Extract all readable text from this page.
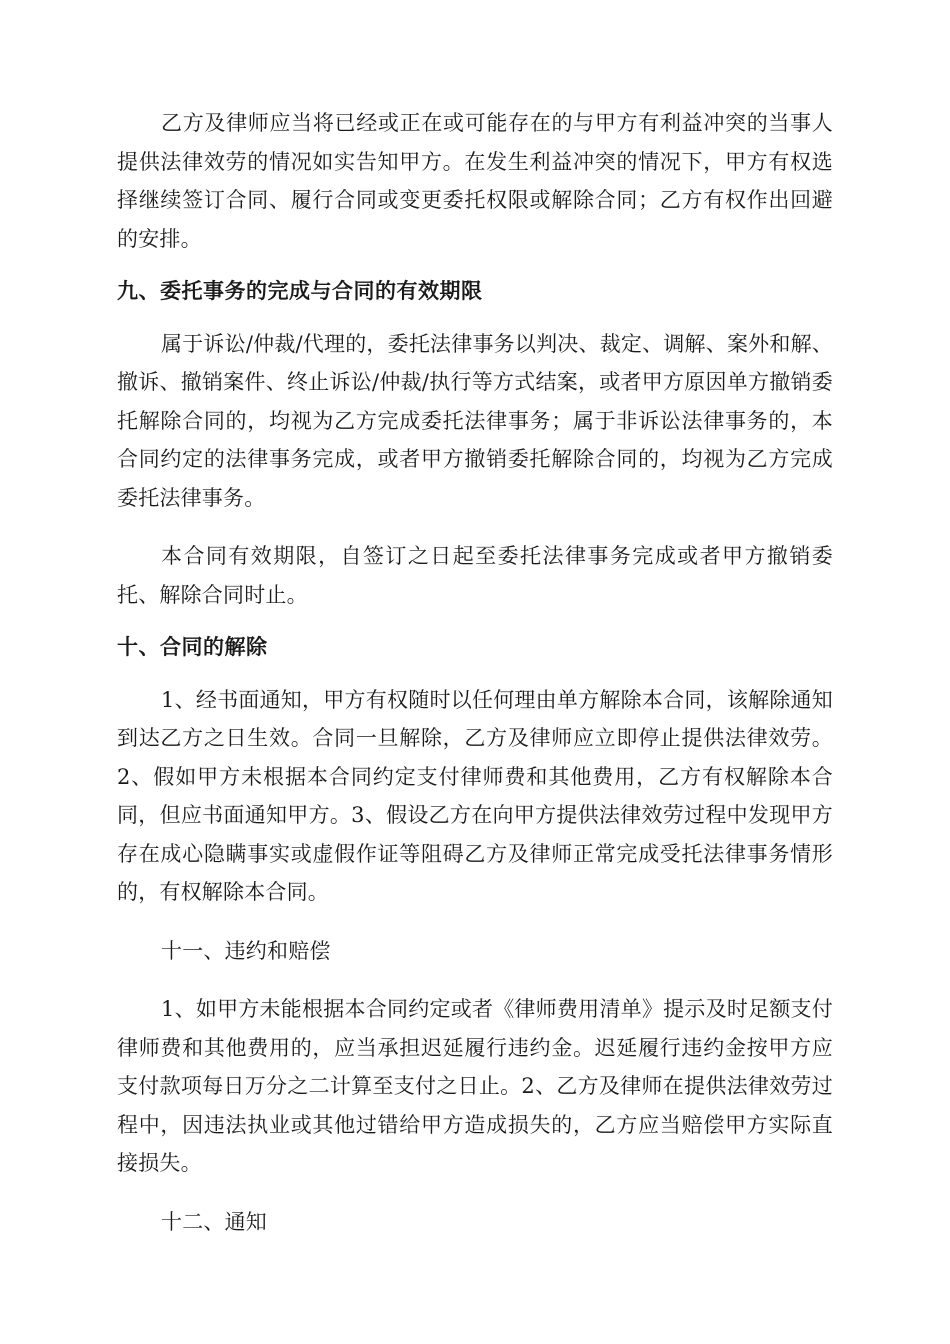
乙方及律师应当将已经或正在或可能存在的与甲方有利益冲突的当事人提供法律效劳的情况如实告知甲方。在发生利益冲突的情况下，甲方有权选择继续签订合同、履行合同或变更委托权限或解除合同；乙方有权作出回避的安排。

九、委托事务的完成与合同的有效期限

属于诉讼/仲裁/代理的，委托法律事务以判决、裁定、调解、案外和解、撤诉、撤销案件、终止诉讼/仲裁/执行等方式结案，或者甲方原因单方撤销委托解除合同的，均视为乙方完成委托法律事务；属于非诉讼法律事务的，本合同约定的法律事务完成，或者甲方撤销委托解除合同的，均视为乙方完成委托法律事务。

本合同有效期限，自签订之日起至委托法律事务完成或者甲方撤销委托、解除合同时止。

十、合同的解除

1、经书面通知，甲方有权随时以任何理由单方解除本合同，该解除通知到达乙方之日生效。合同一旦解除，乙方及律师应立即停止提供法律效劳。2、假如甲方未根据本合同约定支付律师费和其他费用，乙方有权解除本合同，但应书面通知甲方。3、假设乙方在向甲方提供法律效劳过程中发现甲方存在成心隐瞒事实或虚假作证等阻碍乙方及律师正常完成受托法律事务情形的，有权解除本合同。

十一、违约和赔偿

1、如甲方未能根据本合同约定或者《律师费用清单》提示及时足额支付律师费和其他费用的，应当承担迟延履行违约金。迟延履行违约金按甲方应支付款项每日万分之二计算至支付之日止。2、乙方及律师在提供法律效劳过程中，因违法执业或其他过错给甲方造成损失的，乙方应当赔偿甲方实际直接损失。

十二、通知
